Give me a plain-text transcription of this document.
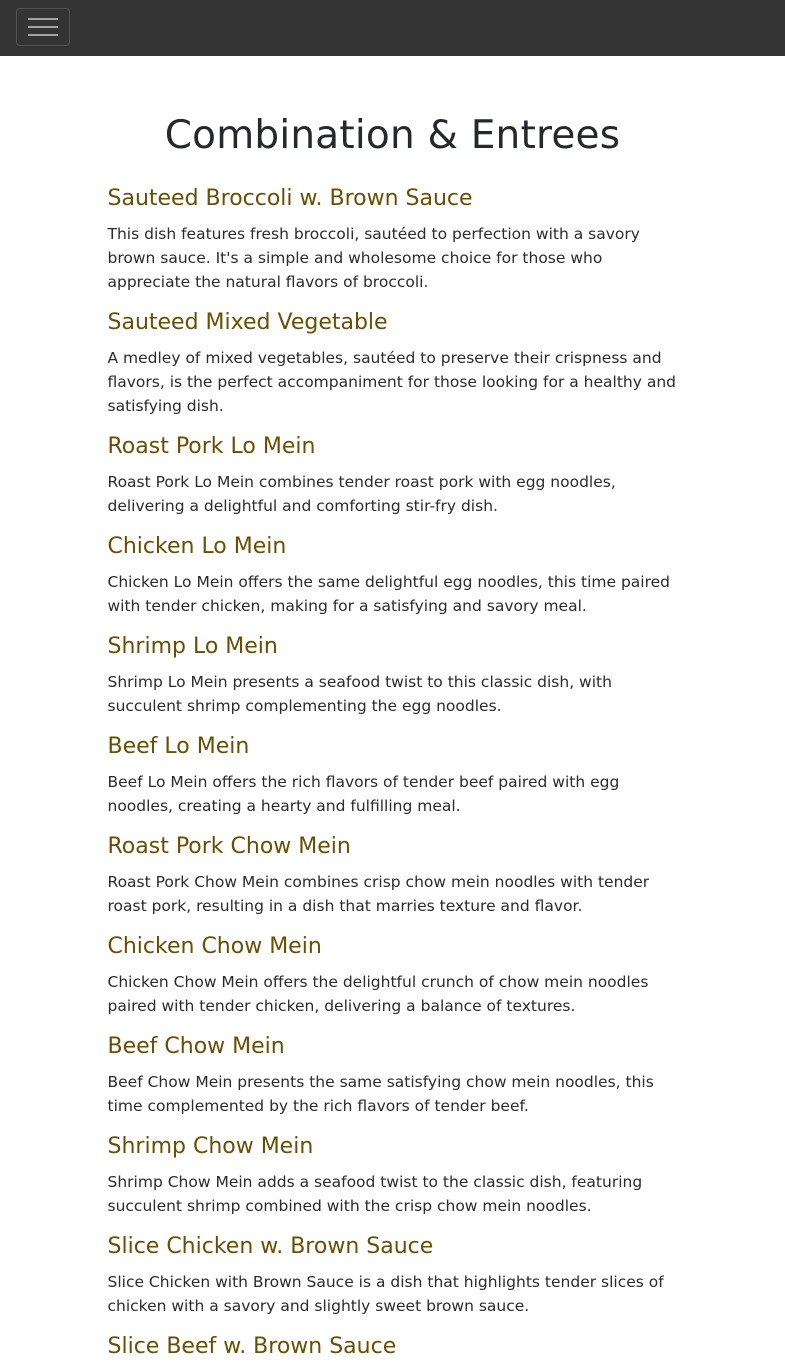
Combination & Entrees
Sauteed Broccoli w. Brown Sauce

This dish features fresh broccoli, sautéed to perfection with a savory brown sauce. It's a simple and wholesome choice for those who appreciate the natural flavors of broccoli.

Sauteed Mixed Vegetable

A medley of mixed vegetables, sautéed to preserve their crispness and flavors, is the perfect accompaniment for those looking for a healthy and satisfying dish.

Roast Pork Lo Mein

Roast Pork Lo Mein combines tender roast pork with egg noodles, delivering a delightful and comforting stir-fry dish.

Chicken Lo Mein

Chicken Lo Mein offers the same delightful egg noodles, this time paired with tender chicken, making for a satisfying and savory meal.

Shrimp Lo Mein

Shrimp Lo Mein presents a seafood twist to this classic dish, with succulent shrimp complementing the egg noodles.

Beef Lo Mein

Beef Lo Mein offers the rich flavors of tender beef paired with egg noodles, creating a hearty and fulfilling meal.

Roast Pork Chow Mein

Roast Pork Chow Mein combines crisp chow mein noodles with tender roast pork, resulting in a dish that marries texture and flavor.

Chicken Chow Mein

Chicken Chow Mein offers the delightful crunch of chow mein noodles paired with tender chicken, delivering a balance of textures.

Beef Chow Mein

Beef Chow Mein presents the same satisfying chow mein noodles, this time complemented by the rich flavors of tender beef.

Shrimp Chow Mein

Shrimp Chow Mein adds a seafood twist to the classic dish, featuring succulent shrimp combined with the crisp chow mein noodles.

Slice Chicken w. Brown Sauce

Slice Chicken with Brown Sauce is a dish that highlights tender slices of chicken with a savory and slightly sweet brown sauce.

Slice Beef w. Brown Sauce
